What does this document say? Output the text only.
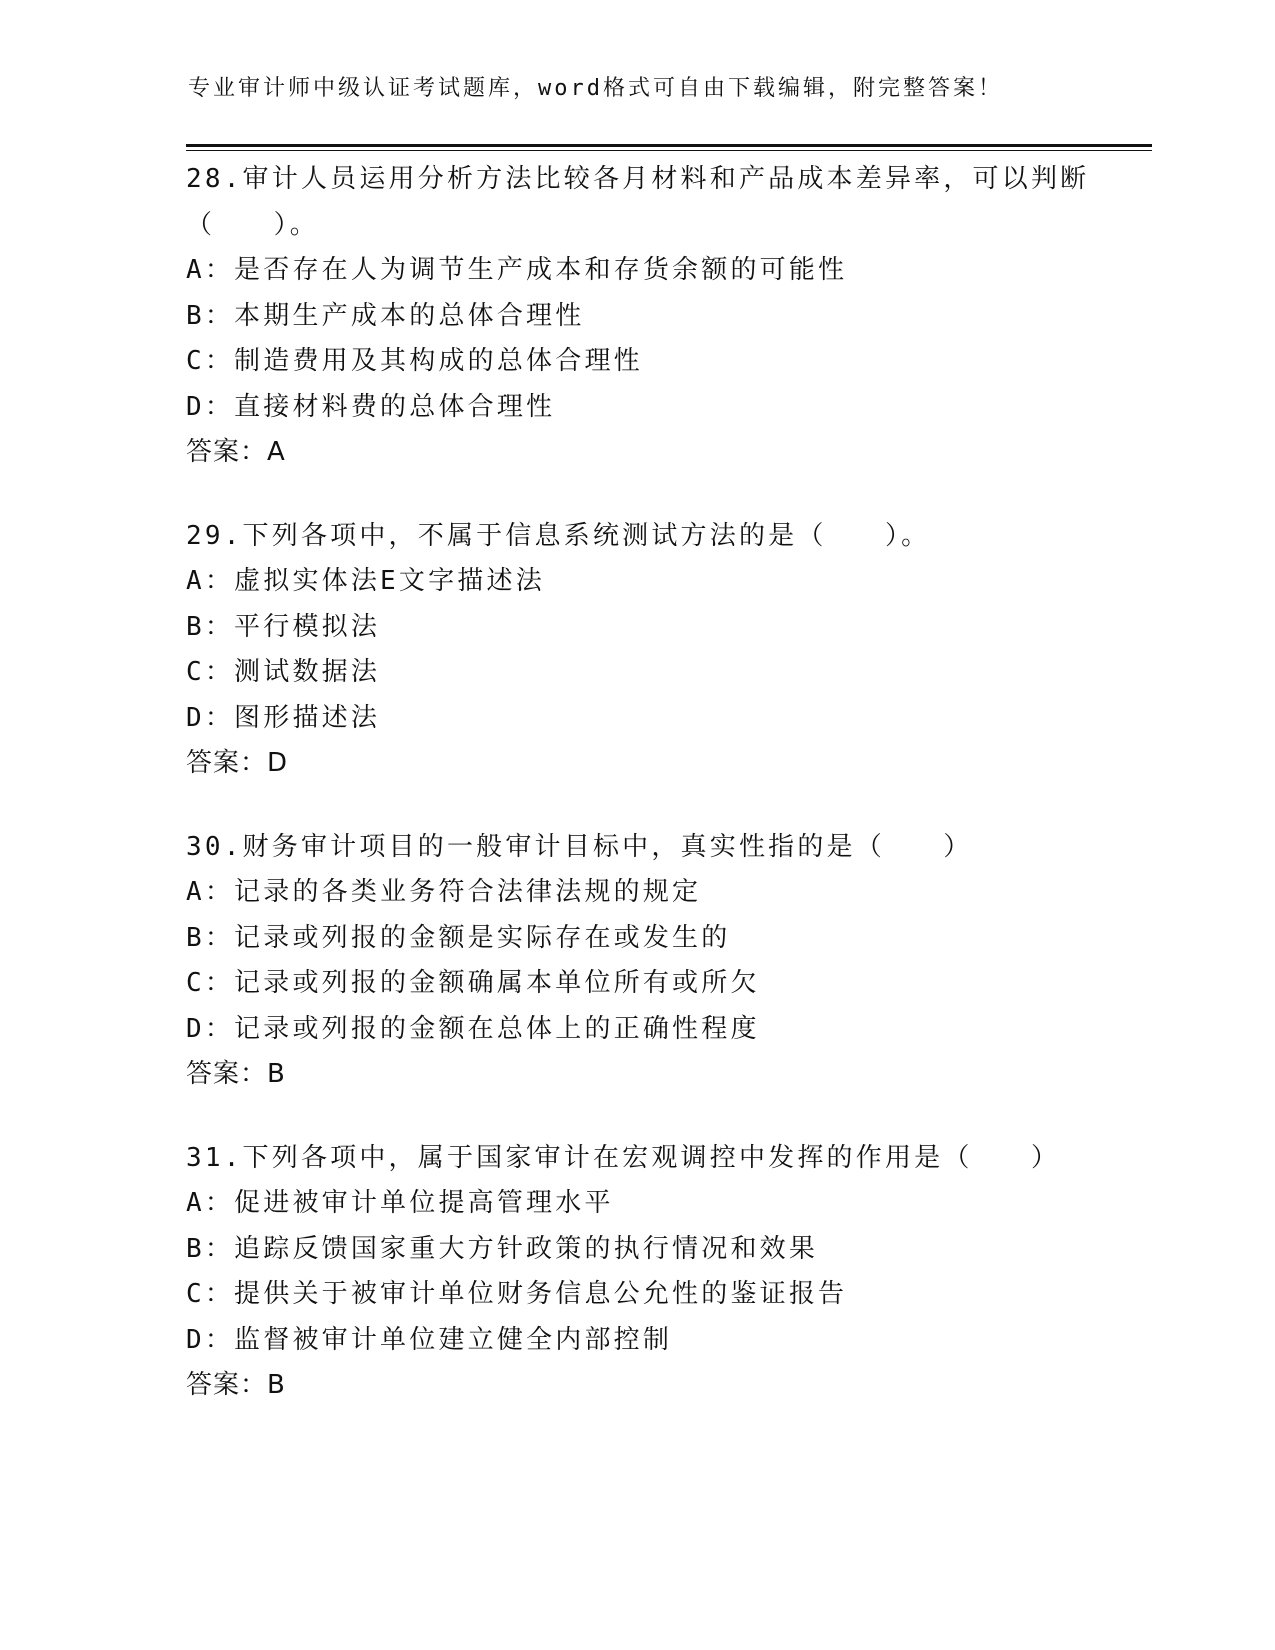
专业审计师中级认证考试题库，word格式可自由下载编辑，附完整答案！
28.审计人员运用分析方法比较各月材料和产品成本差异率，可以判断
（　　）。
A：是否存在人为调节生产成本和存货余额的可能性
B：本期生产成本的总体合理性
C：制造费用及其构成的总体合理性
D：直接材料费的总体合理性
答案：A
29.下列各项中，不属于信息系统测试方法的是（　　）。
A：虚拟实体法E文字描述法
B：平行模拟法
C：测试数据法
D：图形描述法
答案：D
30.财务审计项目的一般审计目标中，真实性指的是（　　）
A：记录的各类业务符合法律法规的规定
B：记录或列报的金额是实际存在或发生的
C：记录或列报的金额确属本单位所有或所欠
D：记录或列报的金额在总体上的正确性程度
答案：B
31.下列各项中，属于国家审计在宏观调控中发挥的作用是（　　）
A：促进被审计单位提高管理水平
B：追踪反馈国家重大方针政策的执行情况和效果
C：提供关于被审计单位财务信息公允性的鉴证报告
D：监督被审计单位建立健全内部控制
答案：B
